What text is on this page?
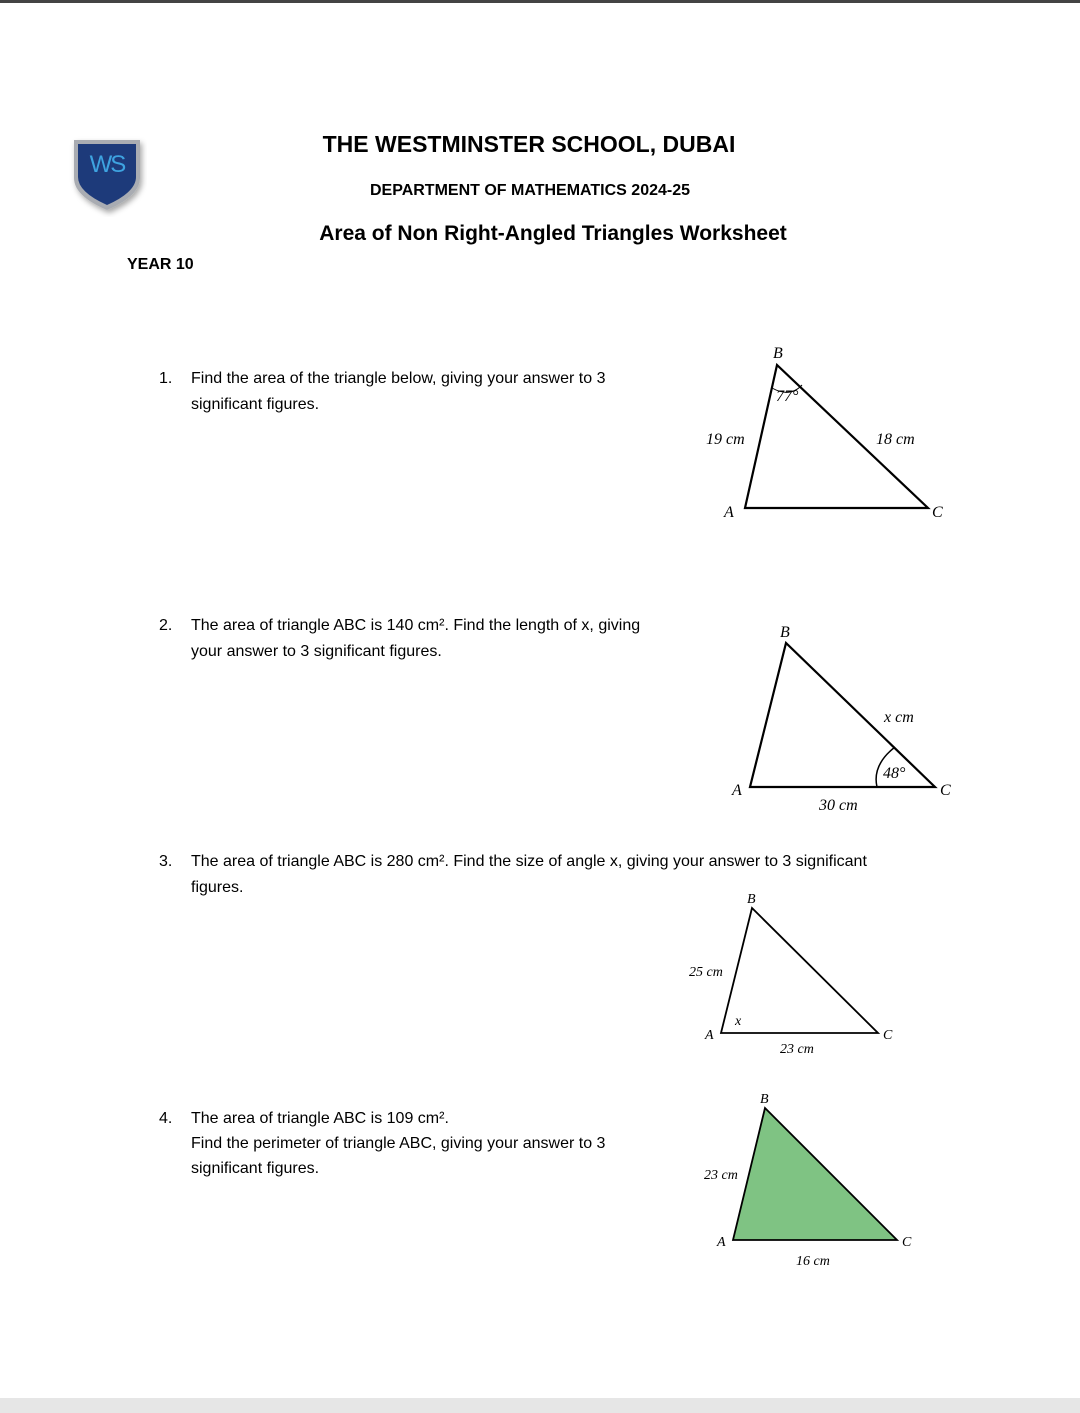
WS
THE WESTMINSTER SCHOOL, DUBAI
DEPARTMENT OF MATHEMATICS 2024-25
Area of Non Right-Angled Triangles Worksheet
YEAR 10
1. Find the area of the triangle below, giving your answer to 3
significant figures.
2. The area of triangle ABC is 140 cm². Find the length of x, giving
your answer to 3 significant figures.
3. The area of triangle ABC is 280 cm². Find the size of angle x, giving your answer to 3 significant
figures.
4. The area of triangle ABC is 109 cm².
Find the perimeter of triangle ABC, giving your answer to 3
significant figures.
B
77°
19 cm	18 cm
A	C
B
x cm
48°
A	C
30 cm
B
25 cm
x
A	C
23 cm
B
23 cm
A	C
16 cm
